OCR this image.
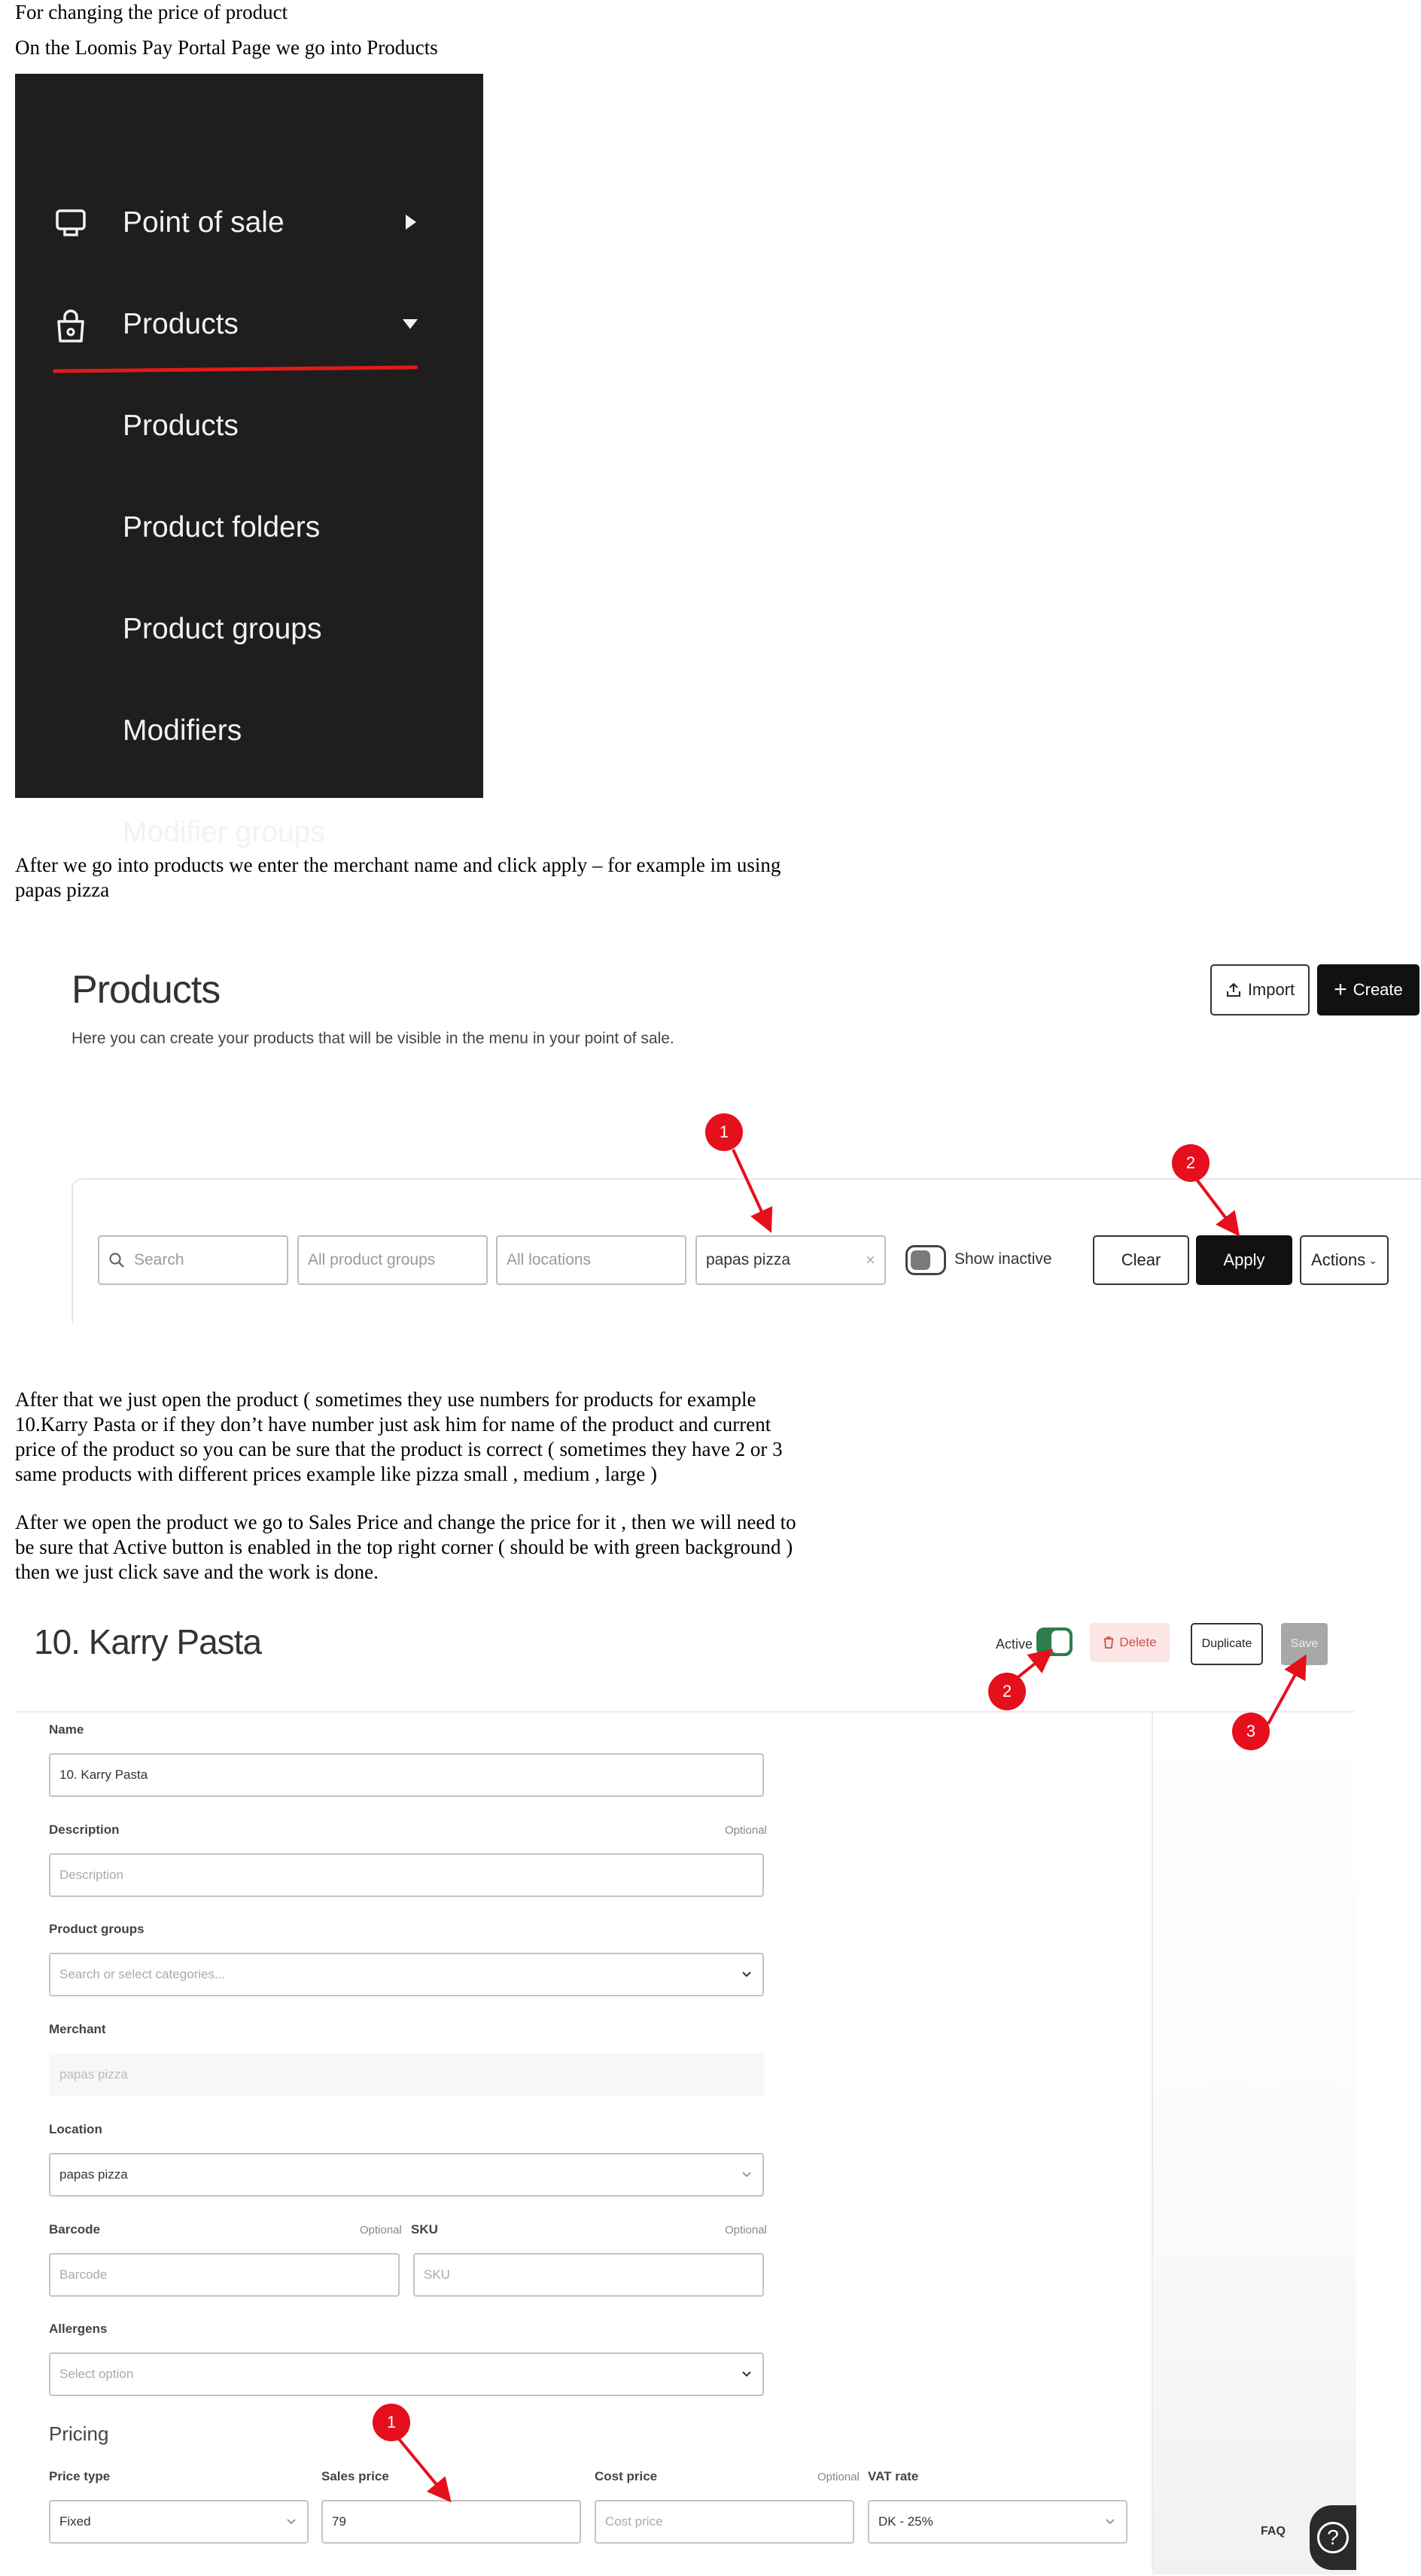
For changing the price of product

On the Loomis Pay Portal Page we go into Products

Point of sale
Products
Products
Product folders
Product groups
Modifiers
Modifier groups

After we go into products we enter the merchant name and click apply – for example im using

papas pizza

Products
Here you can create your products that will be visible in the menu in your point of sale.
Import + Create
Search	All product groups	All locations	papas pizza	×	Show inactive	Clear	Apply	Actions ⌄
1
2

After that we just open the product ( sometimes they use numbers for products for example

10.Karry Pasta or if they don’t have number just ask him for name of the product and current

price of the product so you can be sure that the product is correct ( sometimes they have 2 or 3

same products with different prices example like pizza small , medium , large )

After we open the product we go to Sales Price and change the price for it , then we will need to

be sure that Active button is enabled in the top right corner ( should be with green background )

then we just click save and the work is done.

10. Karry Pasta	Active	Delete	Duplicate	Save
Name
10. Karry Pasta
Description	Optional
Description
Product groups
Search or select categories...
Merchant
papas pizza
Location
papas pizza
Barcode	Optional SKU	Optional
Barcode	SKU
Allergens
Select option
Pricing
Price type
Fixed
Sales price
79
Cost price	Optional
Cost price
VAT rate
DK - 25%
FAQ	?
2
3
1
